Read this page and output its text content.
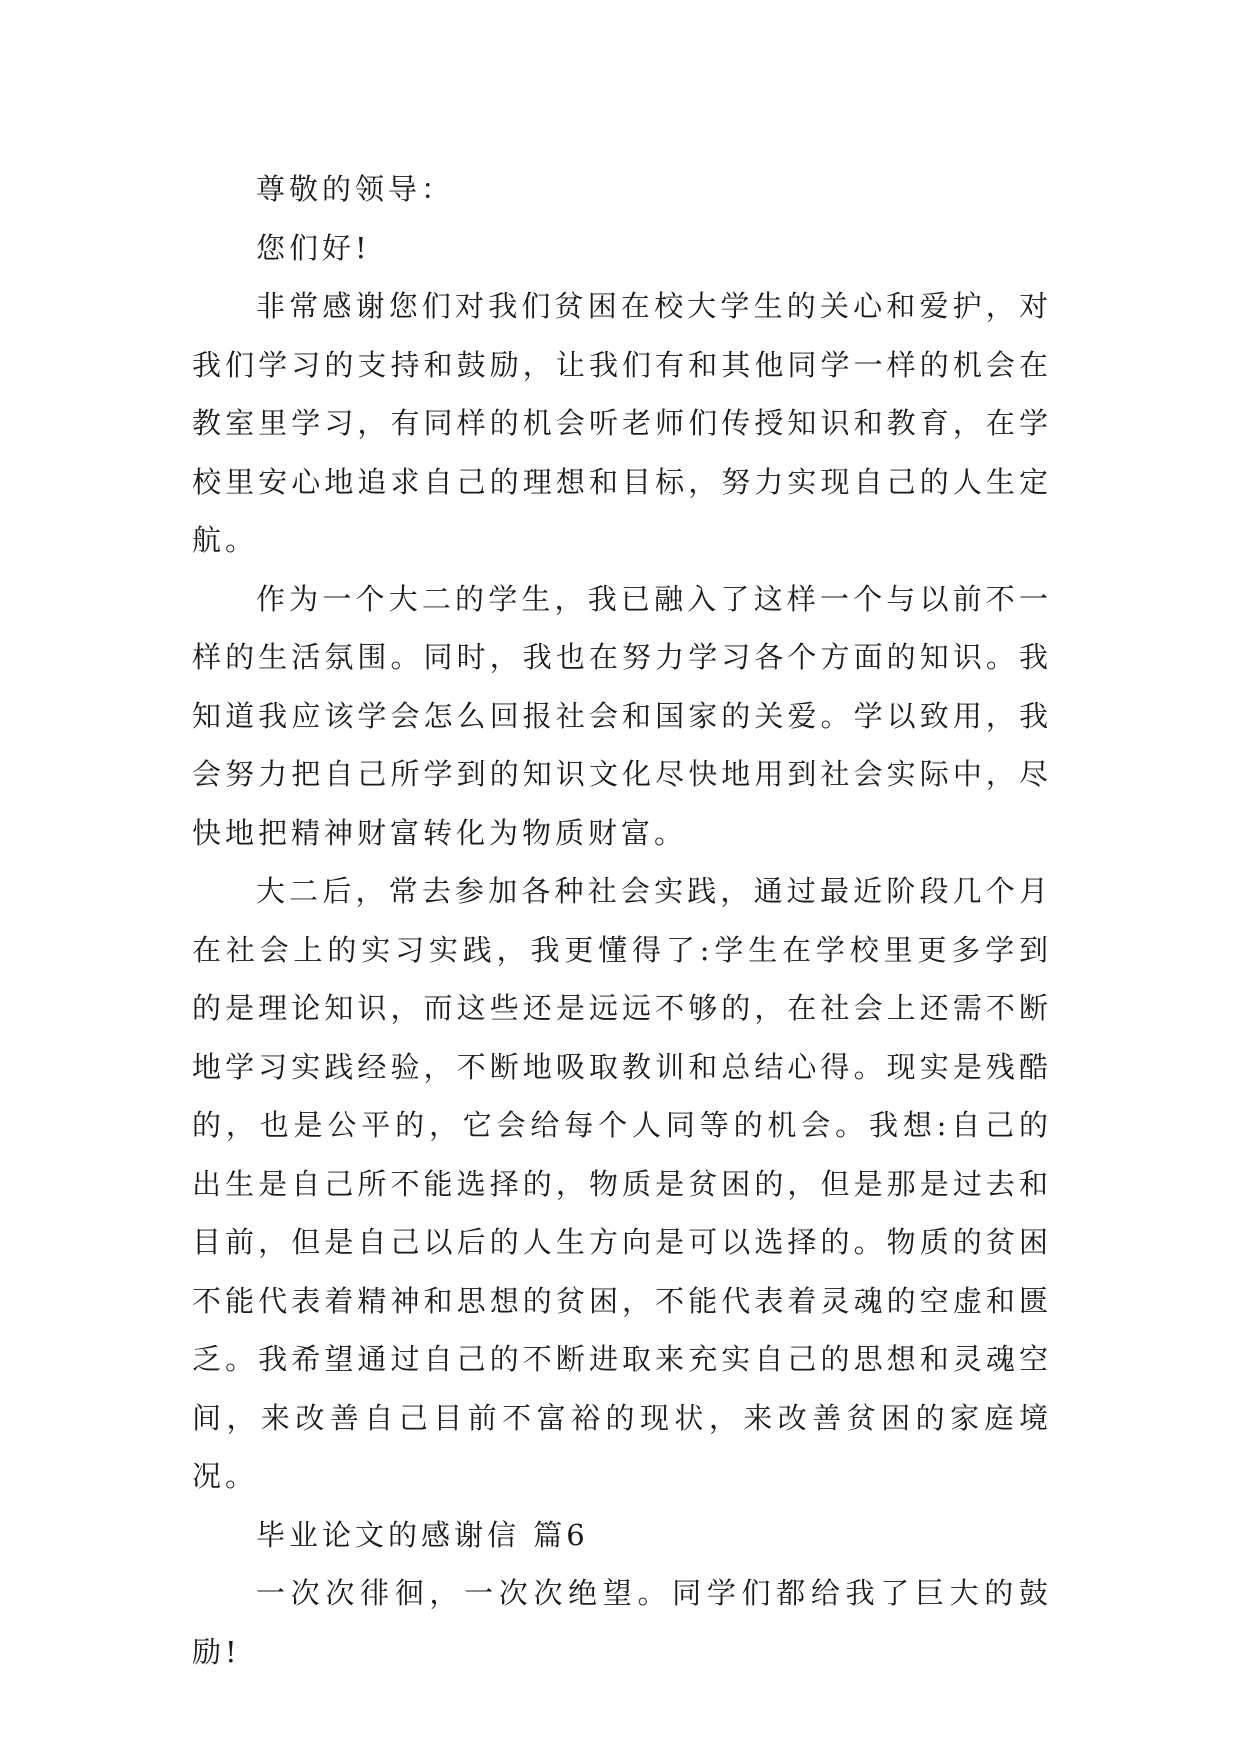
尊敬的领导：

您们好!

非常感谢您们对我们贫困在校大学生的关心和爱护，对我们学习的支持和鼓励，让我们有和其他同学一样的机会在教室里学习，有同样的机会听老师们传授知识和教育，在学校里安心地追求自己的理想和目标，努力实现自己的人生定航。

作为一个大二的学生，我已融入了这样一个与以前不一样的生活氛围。同时，我也在努力学习各个方面的知识。我知道我应该学会怎么回报社会和国家的关爱。学以致用，我会努力把自己所学到的知识文化尽快地用到社会实际中，尽快地把精神财富转化为物质财富。

大二后，常去参加各种社会实践，通过最近阶段几个月在社会上的实习实践，我更懂得了:学生在学校里更多学到的是理论知识，而这些还是远远不够的，在社会上还需不断地学习实践经验，不断地吸取教训和总结心得。现实是残酷的，也是公平的，它会给每个人同等的机会。我想:自己的出生是自己所不能选择的，物质是贫困的，但是那是过去和目前，但是自己以后的人生方向是可以选择的。物质的贫困不能代表着精神和思想的贫困，不能代表着灵魂的空虚和匮乏。我希望通过自己的不断进取来充实自己的思想和灵魂空间，来改善自己目前不富裕的现状，来改善贫困的家庭境况。

毕业论文的感谢信 篇6

一次次徘徊，一次次绝望。同学们都给我了巨大的鼓励!
